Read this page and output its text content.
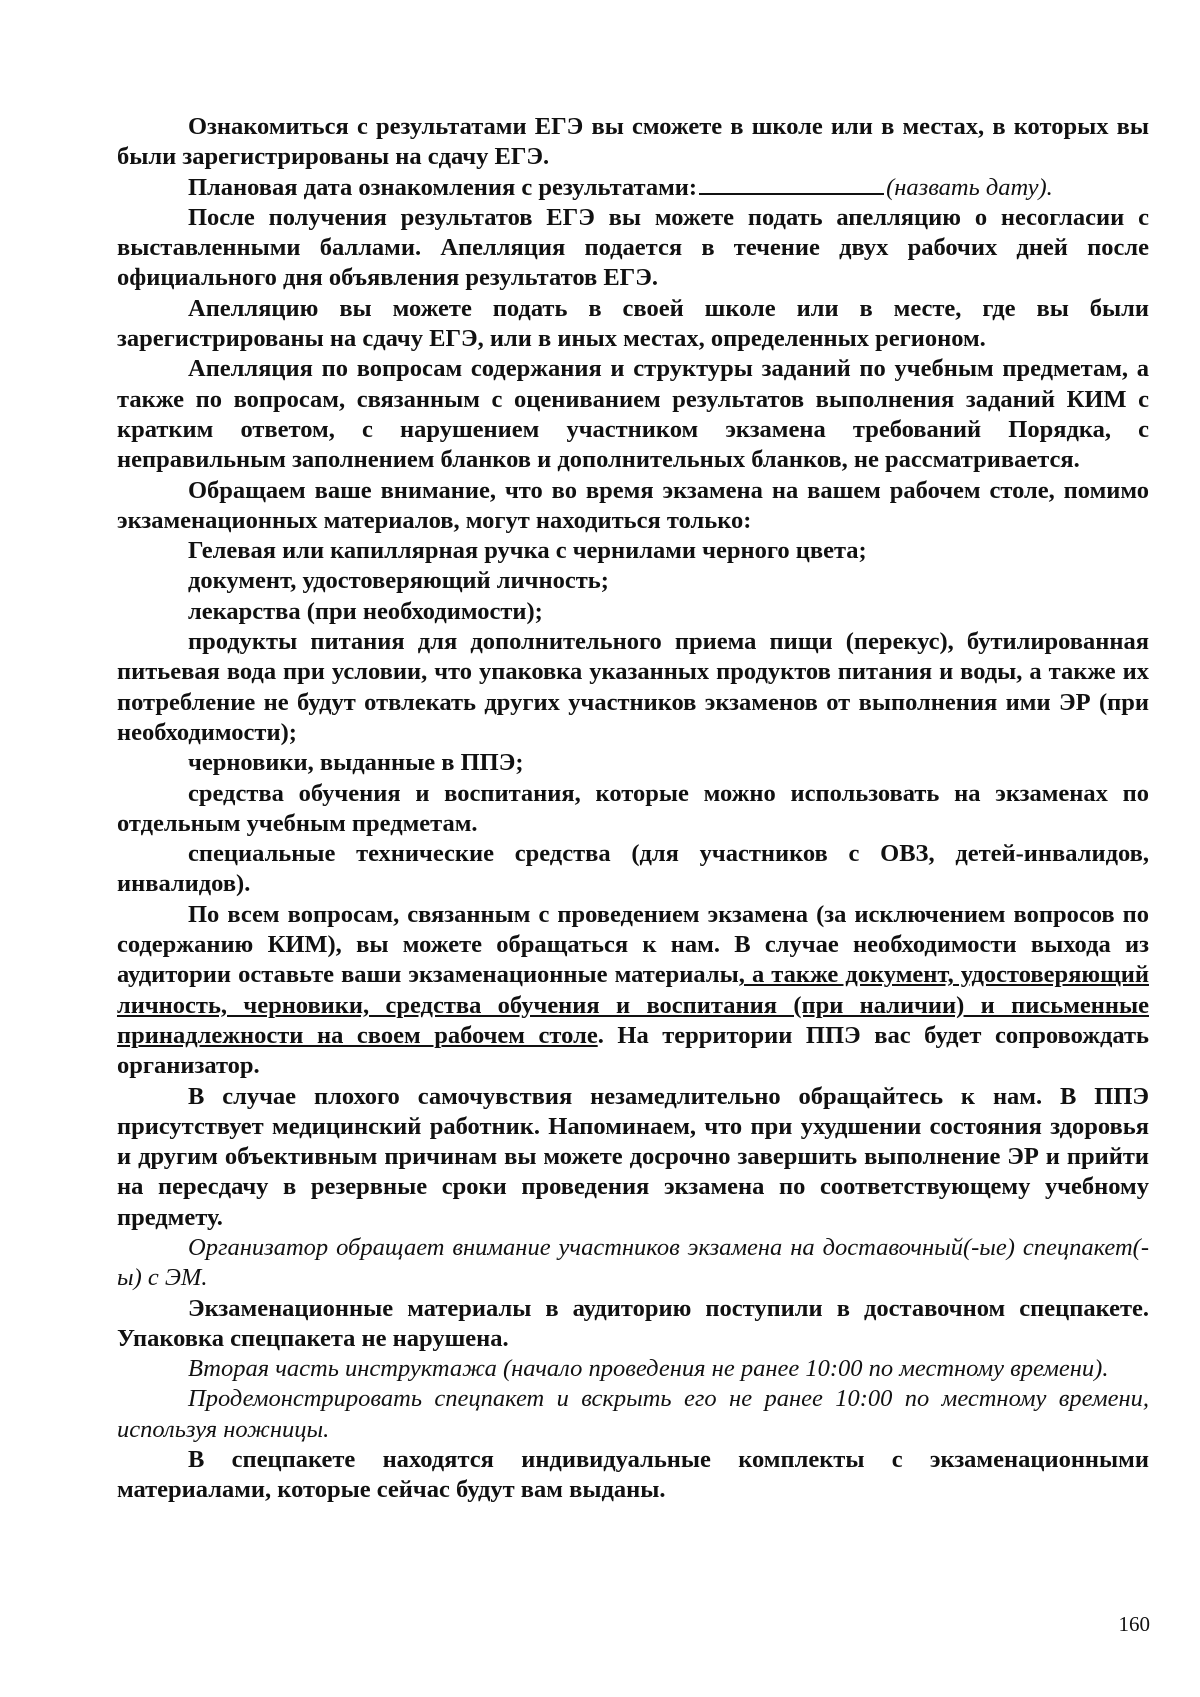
Ознакомиться с результатами ЕГЭ вы сможете в школе или в местах, в которых вы были зарегистрированы на сдачу ЕГЭ.

Плановая дата ознакомления с результатами:	(назвать дату).

После получения результатов ЕГЭ вы можете подать апелляцию о несогласии с выставленными баллами. Апелляция подается в течение двух рабочих дней после официального дня объявления результатов ЕГЭ.

Апелляцию вы можете подать в своей школе или в месте, где вы были зарегистрированы на сдачу ЕГЭ, или в иных местах, определенных регионом.

Апелляция по вопросам содержания и структуры заданий по учебным предметам, а также по вопросам, связанным с оцениванием результатов выполнения заданий КИМ с кратким ответом, с нарушением участником экзамена требований Порядка, с неправильным заполнением бланков и дополнительных бланков, не рассматривается.

Обращаем ваше внимание, что во время экзамена на вашем рабочем столе, помимо экзаменационных материалов, могут находиться только:

Гелевая или капиллярная ручка с чернилами черного цвета;

документ, удостоверяющий личность;

лекарства (при необходимости);

продукты питания для дополнительного приема пищи (перекус), бутилированная питьевая вода при условии, что упаковка указанных продуктов питания и воды, а также их потребление не будут отвлекать других участников экзаменов от выполнения ими ЭР (при необходимости);

черновики, выданные в ППЭ;

средства обучения и воспитания, которые можно использовать на экзаменах по отдельным учебным предметам.

специальные технические средства (для участников с ОВЗ, детей-инвалидов, инвалидов).

По всем вопросам, связанным с проведением экзамена (за исключением вопросов по содержанию КИМ), вы можете обращаться к нам. В случае необходимости выхода из аудитории оставьте ваши экзаменационные материалы, а также документ, удостоверяющий личность, черновики, средства обучения и воспитания (при наличии) и письменные принадлежности на своем рабочем столе. На территории ППЭ вас будет сопровождать организатор.

В случае плохого самочувствия незамедлительно обращайтесь к нам. В ППЭ присутствует медицинский работник. Напоминаем, что при ухудшении состояния здоровья и другим объективным причинам вы можете досрочно завершить выполнение ЭР и прийти на пересдачу в резервные сроки проведения экзамена по соответствующему учебному предмету.

Организатор обращает внимание участников экзамена на доставочный(-ые) спецпакет(-ы) с ЭМ.

Экзаменационные материалы в аудиторию поступили в доставочном спецпакете. Упаковка спецпакета не нарушена.

Вторая часть инструктажа (начало проведения не ранее 10:00 по местному времени).

Продемонстрировать спецпакет и вскрыть его не ранее 10:00 по местному времени, используя ножницы.

В спецпакете находятся индивидуальные комплекты с экзаменационными материалами, которые сейчас будут вам выданы.

160
